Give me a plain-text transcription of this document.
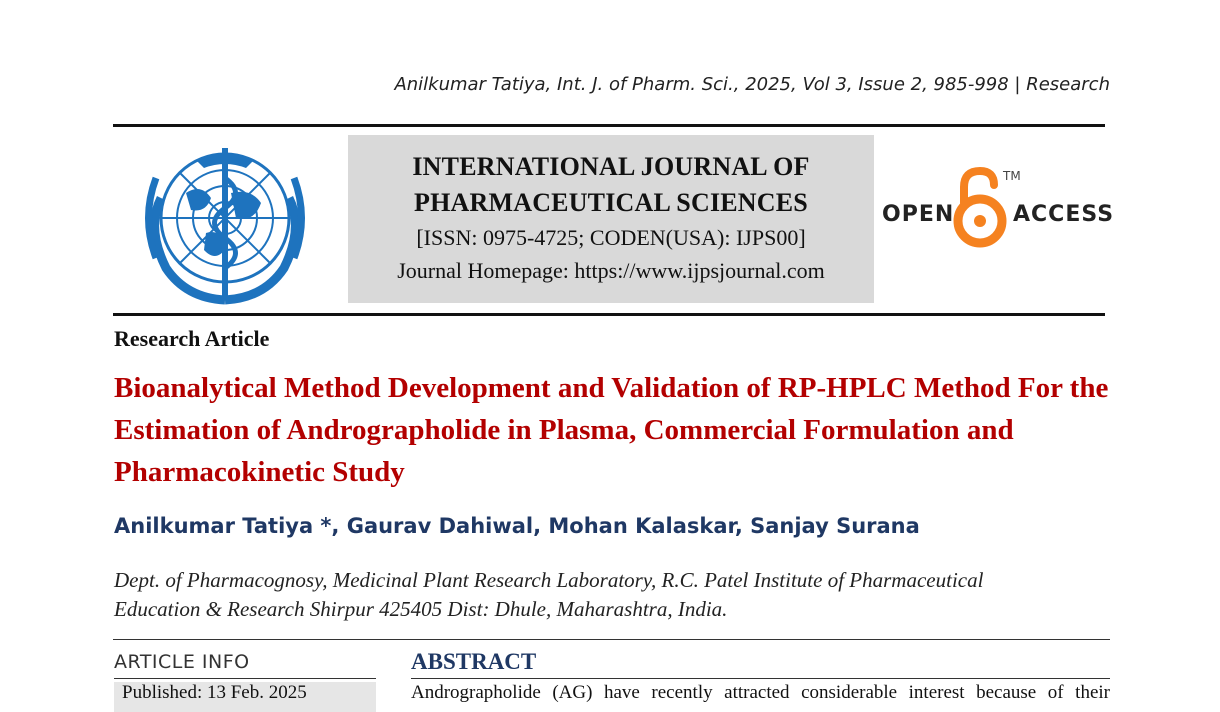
Anilkumar Tatiya, Int. J. of Pharm. Sci., 2025, Vol 3, Issue 2, 985-998 | Research
INTERNATIONAL JOURNAL OF
PHARMACEUTICAL SCIENCES
[ISSN: 0975-4725; CODEN(USA): IJPS00]
Journal Homepage: https://www.ijpsjournal.com
OPEN
TM
ACCESS
Research Article
Bioanalytical Method Development and Validation of RP-HPLC Method For the Estimation of Andrographolide in Plasma, Commercial Formulation and Pharmacokinetic Study
Anilkumar Tatiya *, Gaurav Dahiwal, Mohan Kalaskar, Sanjay Surana
Dept. of Pharmacognosy, Medicinal Plant Research Laboratory, R.C. Patel Institute of Pharmaceutical Education & Research Shirpur 425405 Dist: Dhule, Maharashtra, India.
ARTICLE INFO
Published: 13 Feb. 2025
ABSTRACT
Andrographolide (AG) have recently attracted considerable interest because of their
